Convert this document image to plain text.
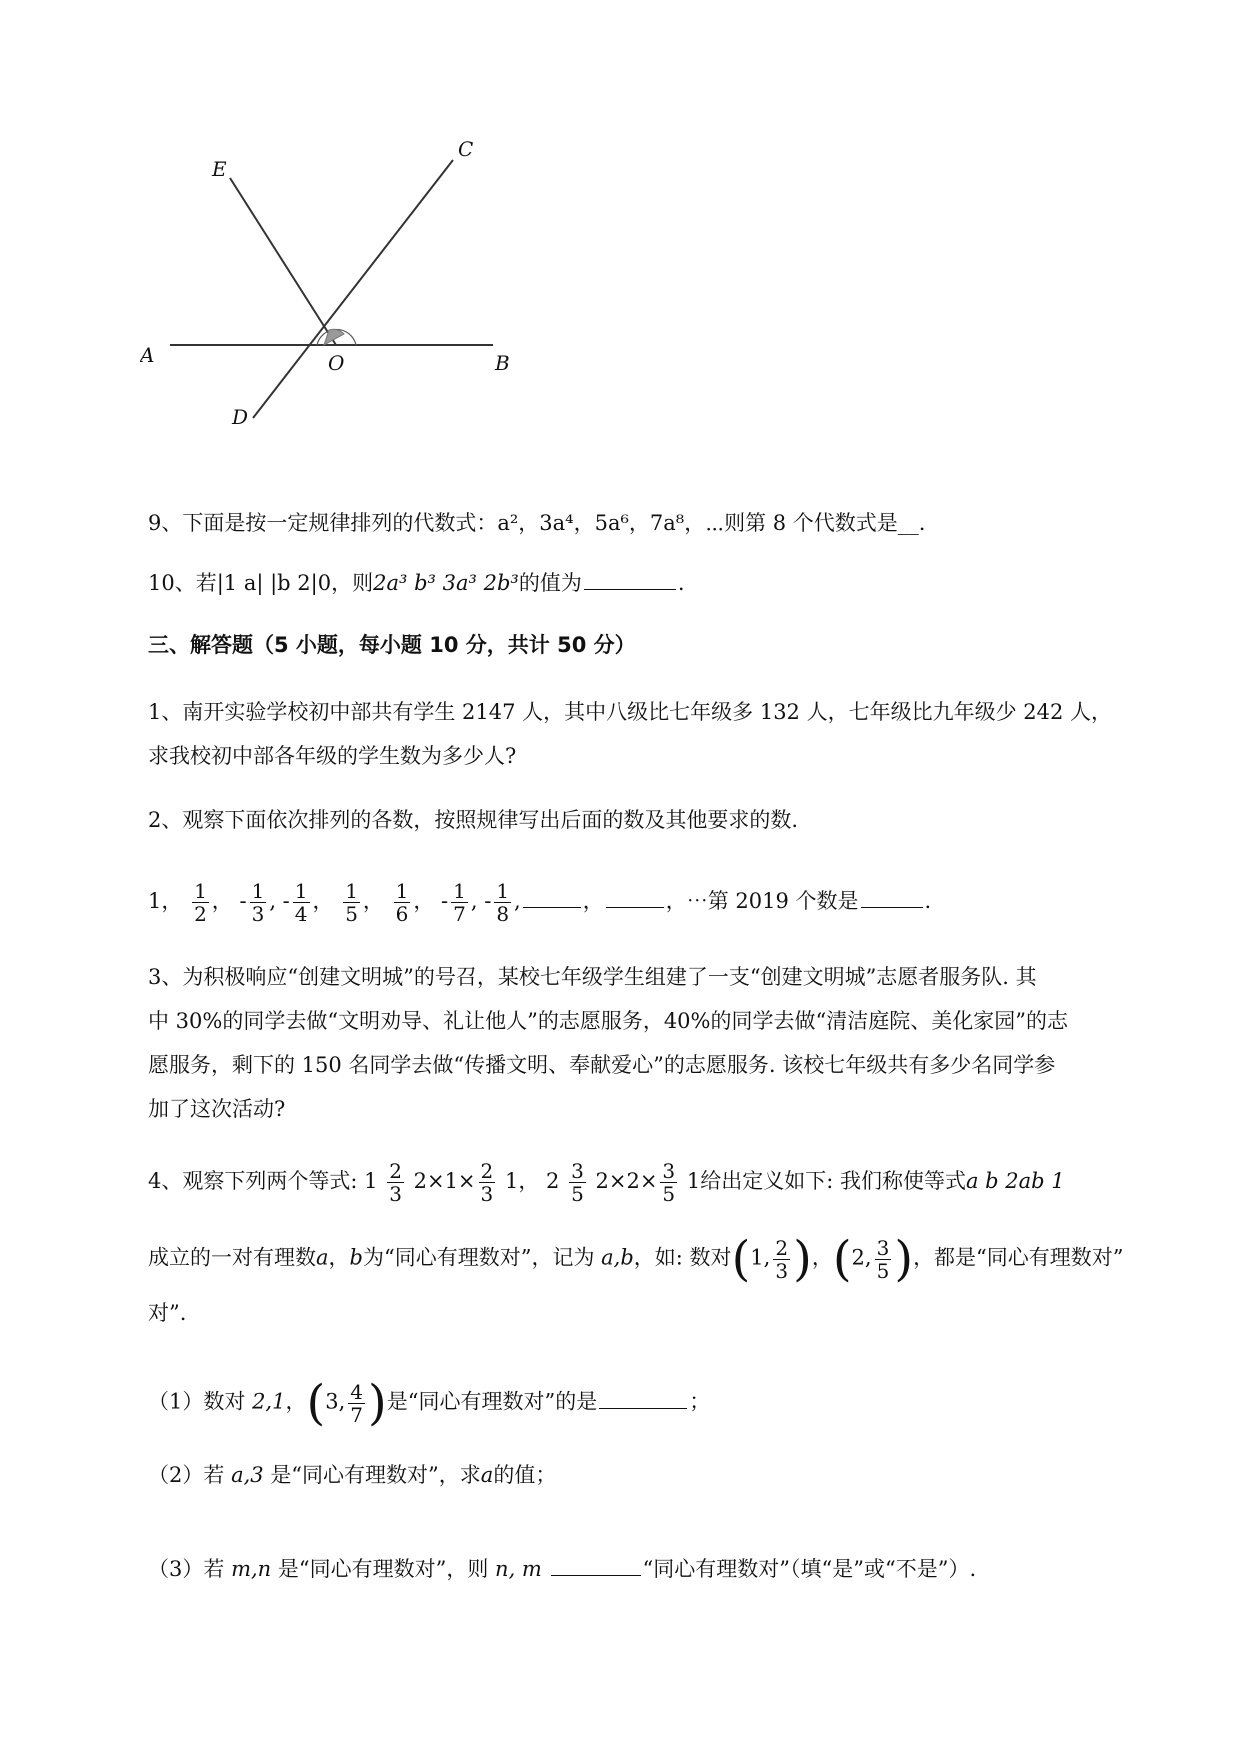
E
C
A	O	B
D
9、下面是按一定规律排列的代数式：a²，3a⁴，5a⁶，7a⁸，⋯则第 8 个代数式是__.
10、若|1 a| |b 2|0，则2a³ b³ 3a³ 2b³的值为	.
三、解答题（5 小题，每小题 10 分，共计 50 分）
1、南开实验学校初中部共有学生 2147 人，其中八级比七年级多 132 人，七年级比九年级少 242 人，
求我校初中部各年级的学生数为多少人?
2、观察下面依次排列的各数，按照规律写出后面的数及其他要求的数.
1， $\frac{1}{2}$ ， - $\frac{1}{3}$ , - $\frac{1}{4}$ ， $\frac{1}{5}$ ， $\frac{1}{6}$ ， - $\frac{1}{7}$ , - $\frac{1}{8}$ ,	，	，⋯第 2019 个数是	.
3、为积极响应“创建文明城”的号召，某校七年级学生组建了一支“创建文明城”志愿者服务队. 其
中 30%的同学去做“文明劝导、礼让他人”的志愿服务，40%的同学去做“清洁庭院、美化家园”的志
愿服务，剩下的 150 名同学去做“传播文明、奉献爱心”的志愿服务. 该校七年级共有多少名同学参
加了这次活动?
4、观察下列两个等式: $1 \frac{2}{3} 2\times 1\times \frac{2}{3} 1$， $2 \frac{3}{5} 2\times 2\times \frac{3}{5} 1$给出定义如下: 我们称使等式a b 2ab 1
成立的一对有理数a，b为“同心有理数对”，记为 a,b，如: 数对(1, $\frac{2}{3}$ )，(2, $\frac{3}{5}$ )，都是“同心有理数对”
对”.
（1）数对 2,1，(3, $\frac{4}{7}$ )是“同心有理数对”的是	；
（2）若 a,3 是“同心有理数对”，求a的值；
（3）若 m,n 是“同心有理数对”，则 n, m	“同心有理数对”（填“是”或“不是”）.
